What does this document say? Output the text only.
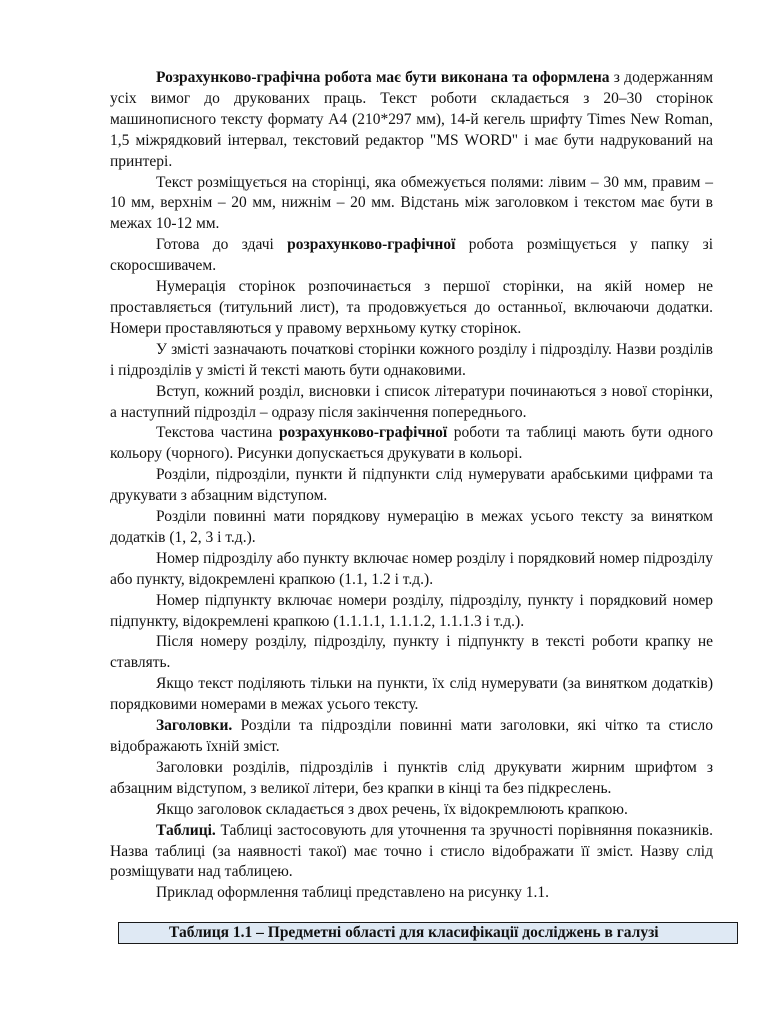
Розрахунково-графічна робота має бути виконана та оформлена з додержанням усіх вимог до друкованих праць. Текст роботи складається з 20–30 сторінок машинописного тексту формату А4 (210*297 мм), 14-й кегель шрифту Times New Roman, 1,5 міжрядковий інтервал, текстовий редактор "MS WORD" і має бути надрукований на принтері.

Текст розміщується на сторінці, яка обмежується полями: лівим – 30 мм, правим – 10 мм, верхнім – 20 мм, нижнім – 20 мм. Відстань між заголовком і текстом має бути в межах 10-12 мм.

Готова до здачі розрахунково-графічної робота розміщується у папку зі скоросшивачем.

Нумерація сторінок розпочинається з першої сторінки, на якій номер не проставляється (титульний лист), та продовжується до останньої, включаючи додатки. Номери проставляються у правому верхньому кутку сторінок.

У змісті зазначають початкові сторінки кожного розділу і підрозділу. Назви розділів і підрозділів у змісті й тексті мають бути однаковими.

Вступ, кожний розділ, висновки і список літератури починаються з нової сторінки, а наступний підрозділ – одразу після закінчення попереднього.

Текстова частина розрахунково-графічної роботи та таблиці мають бути одного кольору (чорного). Рисунки допускається друкувати в кольорі.

Розділи, підрозділи, пункти й підпункти слід нумерувати арабськими цифрами та друкувати з абзацним відступом.

Розділи повинні мати порядкову нумерацію в межах усього тексту за винятком додатків (1, 2, 3 і т.д.).

Номер підрозділу або пункту включає номер розділу і порядковий номер підрозділу або пункту, відокремлені крапкою (1.1, 1.2 і т.д.).

Номер підпункту включає номери розділу, підрозділу, пункту і порядковий номер підпункту, відокремлені крапкою (1.1.1.1, 1.1.1.2, 1.1.1.3 і т.д.).

Після номеру розділу, підрозділу, пункту і підпункту в тексті роботи крапку не ставлять.

Якщо текст поділяють тільки на пункти, їх слід нумерувати (за винятком додатків) порядковими номерами в межах усього тексту.

Заголовки. Розділи та підрозділи повинні мати заголовки, які чітко та стисло відображають їхній зміст.

Заголовки розділів, підрозділів і пунктів слід друкувати жирним шрифтом з абзацним відступом, з великої літери, без крапки в кінці та без підкреслень.

Якщо заголовок складається з двох речень, їх відокремлюють крапкою.

Таблиці. Таблиці застосовують для уточнення та зручності порівняння показників. Назва таблиці (за наявності такої) має точно і стисло відображати її зміст. Назву слід розміщувати над таблицею.

Приклад оформлення таблиці представлено на рисунку 1.1.

Таблиця 1.1 – Предметні області для класифікації досліджень в галузі
